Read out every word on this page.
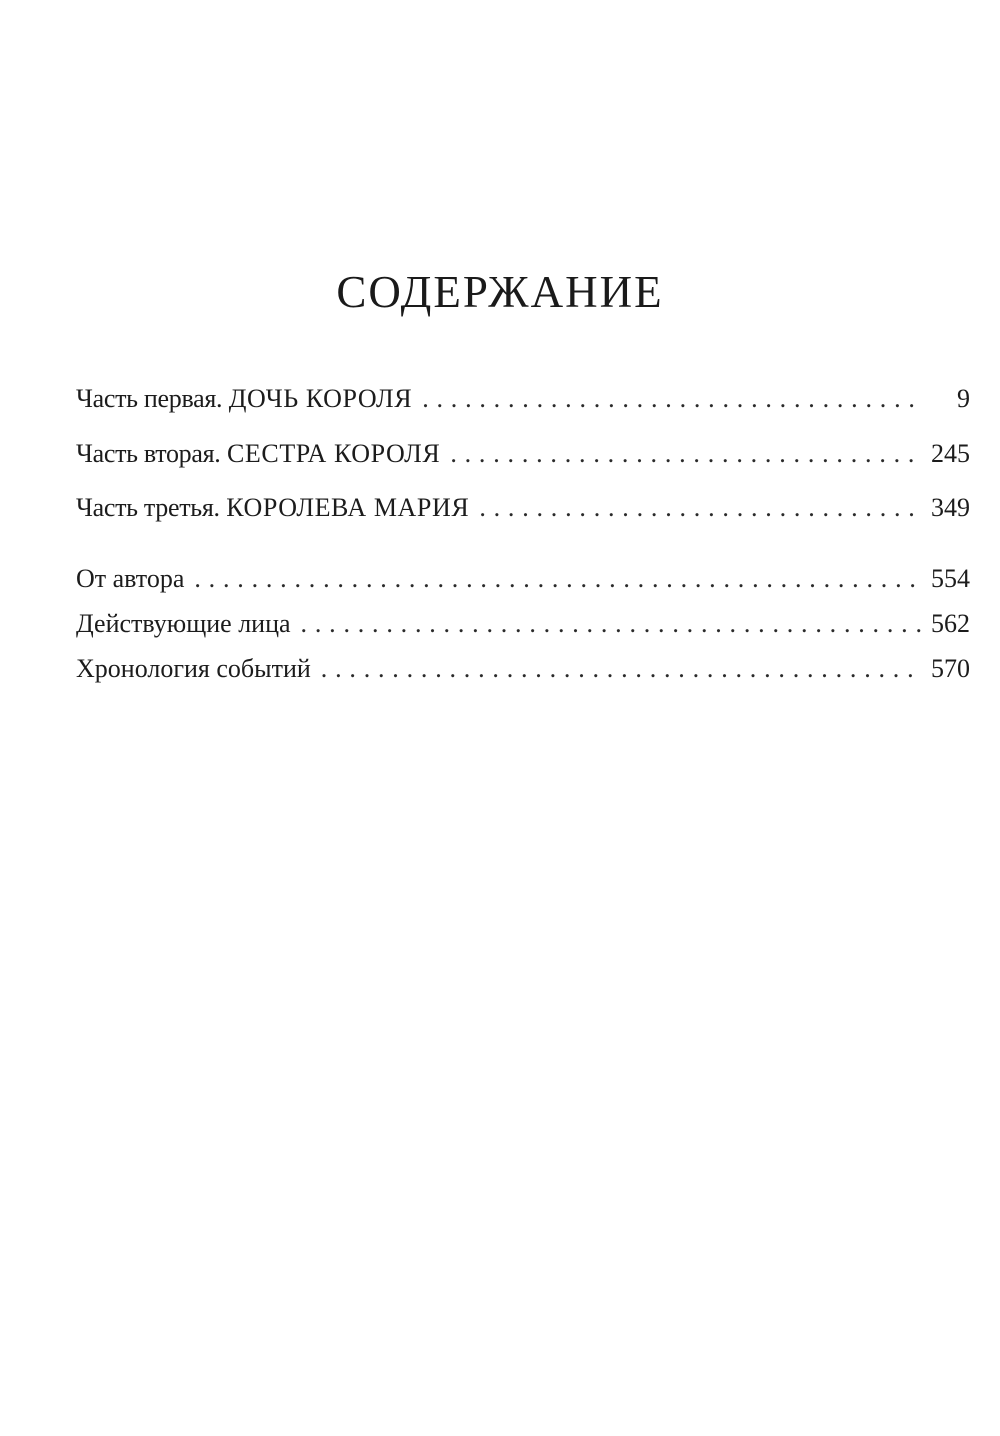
СОДЕРЖАНИЕ
Часть первая. ДОЧЬ КОРОЛЯ . . .	9
Часть вторая. СЕСТРА КОРОЛЯ . . .	245
Часть третья. КОРОЛЕВА МАРИЯ . . .	349
От автора . . .	554
Действующие лица . . .	562
Хронология событий . . .	570
